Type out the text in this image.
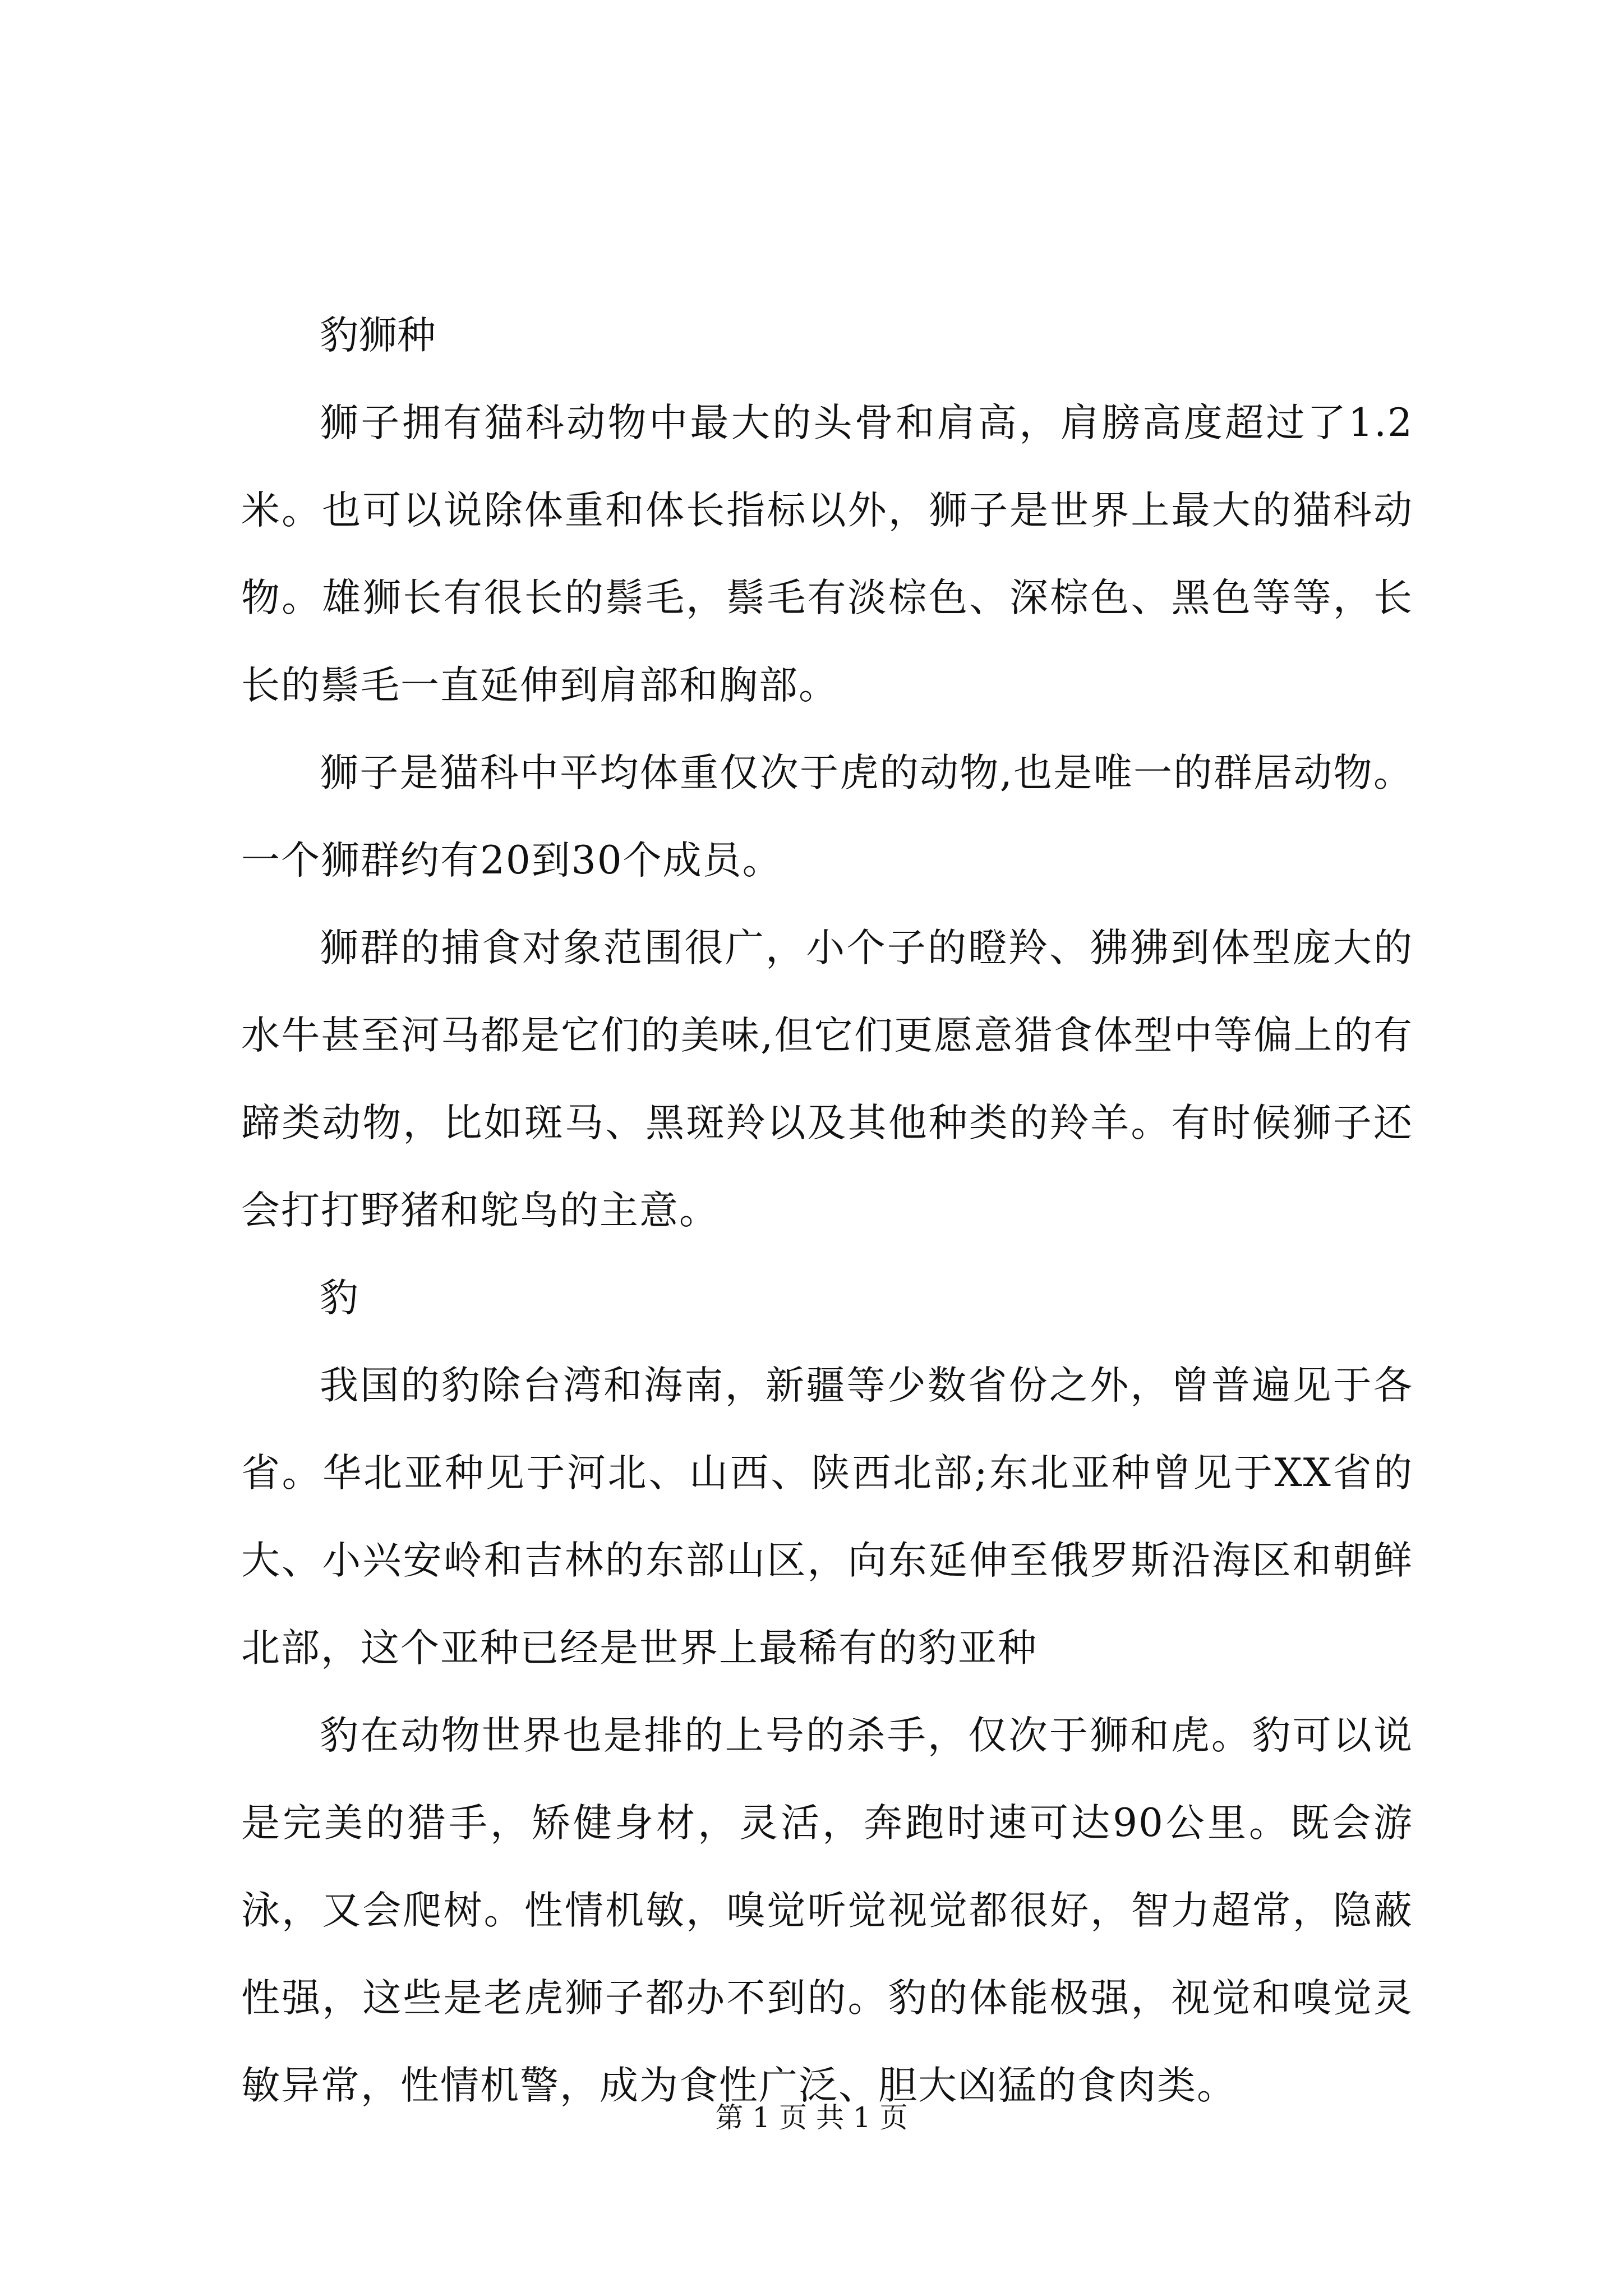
豹狮种

狮子拥有猫科动物中最大的头骨和肩高，肩膀高度超过了1.2米。也可以说除体重和体长指标以外，狮子是世界上最大的猫科动物。雄狮长有很长的鬃毛，鬃毛有淡棕色、深棕色、黑色等等，长长的鬃毛一直延伸到肩部和胸部。

狮子是猫科中平均体重仅次于虎的动物,也是唯一的群居动物。一个狮群约有20到30个成员。

狮群的捕食对象范围很广，小个子的瞪羚、狒狒到体型庞大的水牛甚至河马都是它们的美味,但它们更愿意猎食体型中等偏上的有蹄类动物，比如斑马、黑斑羚以及其他种类的羚羊。有时候狮子还会打打野猪和鸵鸟的主意。

豹

我国的豹除台湾和海南，新疆等少数省份之外，曾普遍见于各省。华北亚种见于河北、山西、陕西北部;东北亚种曾见于XX省的大、小兴安岭和吉林的东部山区，向东延伸至俄罗斯沿海区和朝鲜北部，这个亚种已经是世界上最稀有的豹亚种

豹在动物世界也是排的上号的杀手，仅次于狮和虎。豹可以说是完美的猎手，矫健身材，灵活，奔跑时速可达90公里。既会游泳，又会爬树。性情机敏，嗅觉听觉视觉都很好，智力超常，隐蔽性强，这些是老虎狮子都办不到的。豹的体能极强，视觉和嗅觉灵敏异常，性情机警，成为食性广泛、胆大凶猛的食肉类。

第 1 页 共 1 页
